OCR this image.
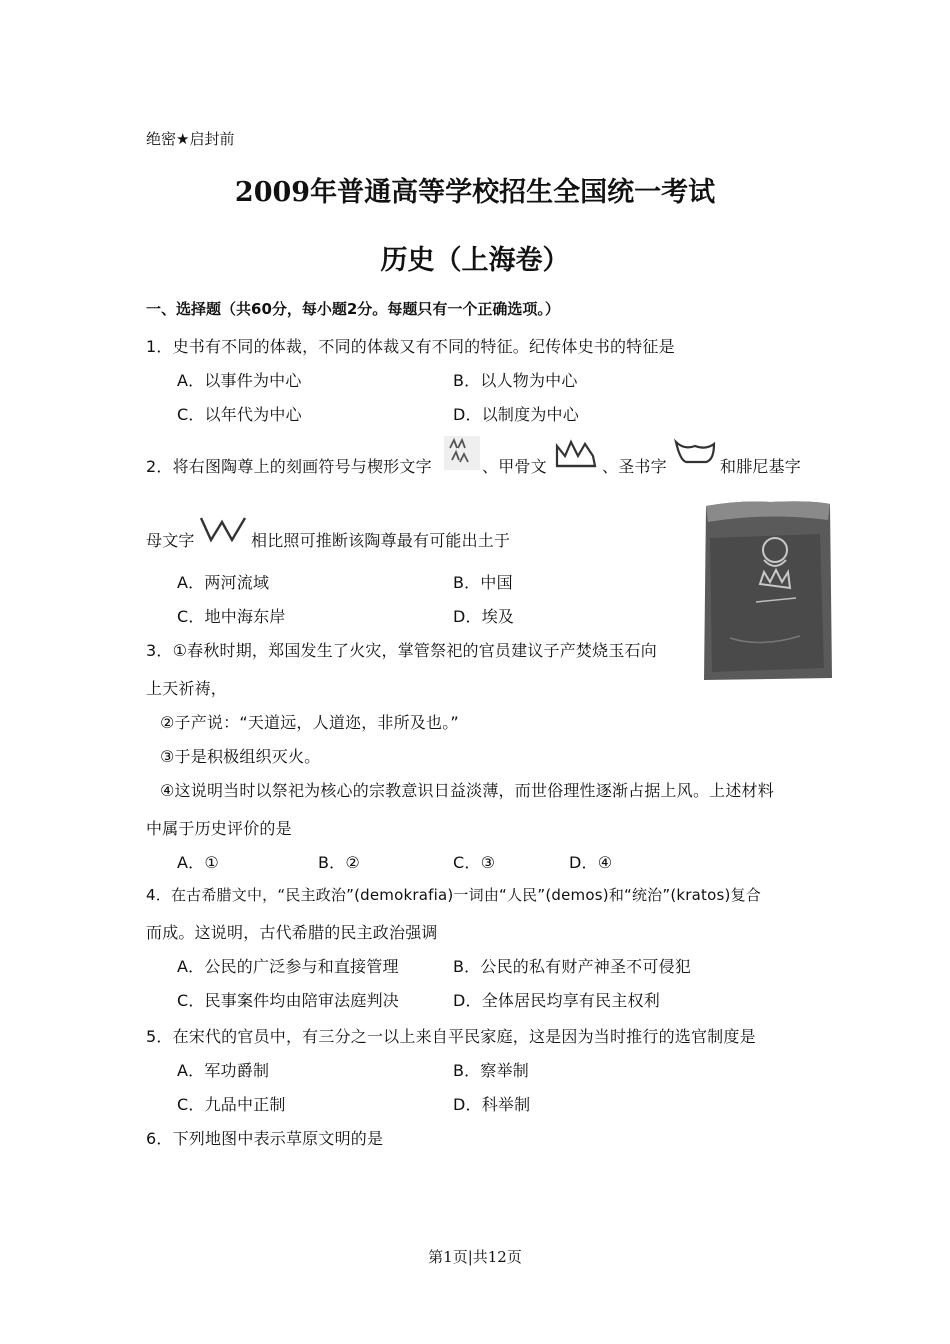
绝密★启封前
2009年普通高等学校招生全国统一考试
历史（上海卷）
一、选择题（共60分，每小题2分。每题只有一个正确选项。）
1．史书有不同的体裁，不同的体裁又有不同的特征。纪传体史书的特征是
A．以事件为中心	B．以人物为中心
C．以年代为中心	D．以制度为中心
2．将右图陶尊上的刻画符号与楔形文字	、甲骨文	、圣书字	和腓尼基字
母文字	相比照可推断该陶尊最有可能出土于
A．两河流域	B．中国
C．地中海东岸	D．埃及
3．①春秋时期，郑国发生了火灾，掌管祭祀的官员建议子产焚烧玉石向
上天祈祷，
②子产说：“天道远，人道迩，非所及也。”
③于是积极组织灭火。
④这说明当时以祭祀为核心的宗教意识日益淡薄，而世俗理性逐渐占据上风。上述材料
中属于历史评价的是
A．①	B．②	C．③	D．④
4．在古希腊文中，“民主政治”(demokrafia)一词由“人民”(demos)和“统治”(kratos)复合
而成。这说明，古代希腊的民主政治强调
A．公民的广泛参与和直接管理	B．公民的私有财产神圣不可侵犯
C．民事案件均由陪审法庭判决	D．全体居民均享有民主权利
5．在宋代的官员中，有三分之一以上来自平民家庭，这是因为当时推行的选官制度是
A．军功爵制	B．察举制
C．九品中正制	D．科举制
6．下列地图中表示草原文明的是
第1页|共12页
